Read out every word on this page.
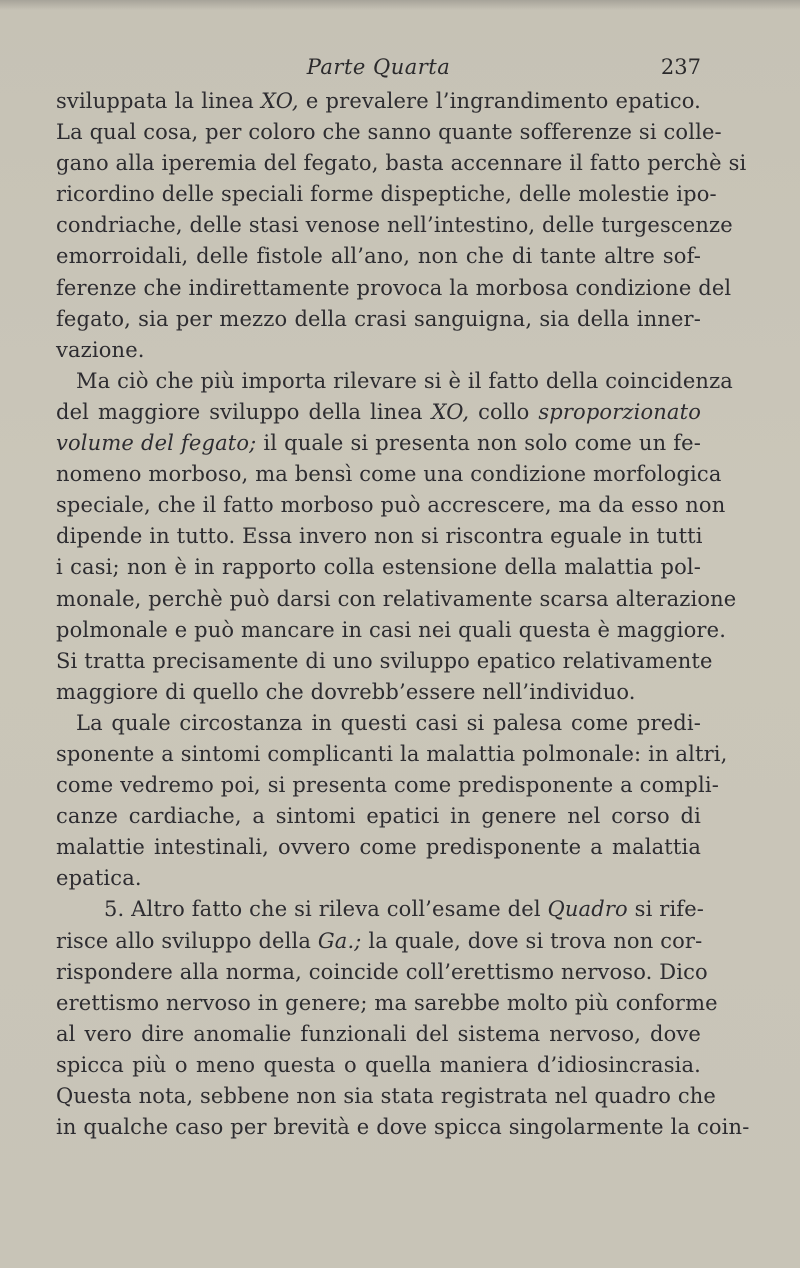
Parte Quarta	237
sviluppata la linea XO, e prevalere l’ingrandimento epatico.
La qual cosa, per coloro che sanno quante sofferenze si colle-
gano alla iperemia del fegato, basta accennare il fatto perchè si
ricordino delle speciali forme dispeptiche, delle molestie ipo-
condriache, delle stasi venose nell’intestino, delle turgescenze
emorroidali, delle fistole all’ano, non che di tante altre sof-
ferenze che indirettamente provoca la morbosa condizione del
fegato, sia per mezzo della crasi sanguigna, sia della inner-
vazione.
Ma ciò che più importa rilevare si è il fatto della coincidenza
del maggiore sviluppo della linea XO, collo sproporzionato
volume del fegato; il quale si presenta non solo come un fe-
nomeno morboso, ma bensì come una condizione morfologica
speciale, che il fatto morboso può accrescere, ma da esso non
dipende in tutto. Essa invero non si riscontra eguale in tutti
i casi; non è in rapporto colla estensione della malattia pol-
monale, perchè può darsi con relativamente scarsa alterazione
polmonale e può mancare in casi nei quali questa è maggiore.
Si tratta precisamente di uno sviluppo epatico relativamente
maggiore di quello che dovrebb’essere nell’individuo.
La quale circostanza in questi casi si palesa come predi-
sponente a sintomi complicanti la malattia polmonale: in altri,
come vedremo poi, si presenta come predisponente a compli-
canze cardiache, a sintomi epatici in genere nel corso di
malattie intestinali, ovvero come predisponente a malattia
epatica.
5. Altro fatto che si rileva coll’esame del Quadro si rife-
risce allo sviluppo della Ga.; la quale, dove si trova non cor-
rispondere alla norma, coincide coll’erettismo nervoso. Dico
erettismo nervoso in genere; ma sarebbe molto più conforme
al vero dire anomalie funzionali del sistema nervoso, dove
spicca più o meno questa o quella maniera d’idiosincrasia.
Questa nota, sebbene non sia stata registrata nel quadro che
in qualche caso per brevità e dove spicca singolarmente la coin-
